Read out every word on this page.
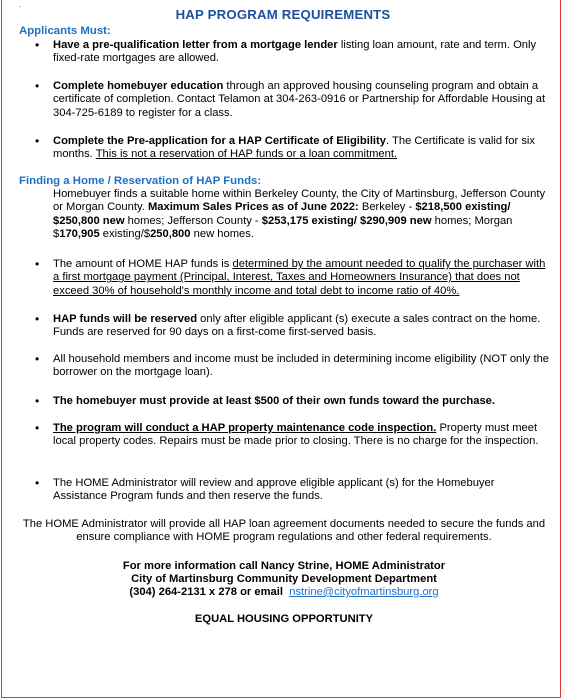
.
HAP PROGRAM REQUIREMENTS
Applicants Must:
• Have a pre-qualification letter from a mortgage lender listing loan amount, rate and term. Only fixed-rate mortgages are allowed.
• Complete homebuyer education through an approved housing counseling program and obtain a certificate of completion. Contact Telamon at 304-263-0916 or Partnership for Affordable Housing at 304-725-6189 to register for a class.
• Complete the Pre-application for a HAP Certificate of Eligibility. The Certificate is valid for six months. This is not a reservation of HAP funds or a loan commitment.
Finding a Home / Reservation of HAP Funds:
Homebuyer finds a suitable home within Berkeley County, the City of Martinsburg, Jefferson County or Morgan County. Maximum Sales Prices as of June 2022: Berkeley - $218,500 existing/ $250,800 new homes; Jefferson County - $253,175 existing/ $290,909 new homes; Morgan $170,905 existing/$250,800 new homes.
• The amount of HOME HAP funds is determined by the amount needed to qualify the purchaser with a first mortgage payment (Principal, Interest, Taxes and Homeowners Insurance) that does not exceed 30% of household's monthly income and total debt to income ratio of 40%.
• HAP funds will be reserved only after eligible applicant (s) execute a sales contract on the home. Funds are reserved for 90 days on a first-come first-served basis.
• All household members and income must be included in determining income eligibility (NOT only the borrower on the mortgage loan).
• The homebuyer must provide at least $500 of their own funds toward the purchase.
• The program will conduct a HAP property maintenance code inspection. Property must meet local property codes. Repairs must be made prior to closing. There is no charge for the inspection.
• The HOME Administrator will review and approve eligible applicant (s) for the Homebuyer Assistance Program funds and then reserve the funds.
The HOME Administrator will provide all HAP loan agreement documents needed to secure the funds and ensure compliance with HOME program regulations and other federal requirements.
For more information call Nancy Strine, HOME Administrator
City of Martinsburg Community Development Department
(304) 264-2131 x 278 or email nstrine@cityofmartinsburg.org
EQUAL HOUSING OPPORTUNITY
